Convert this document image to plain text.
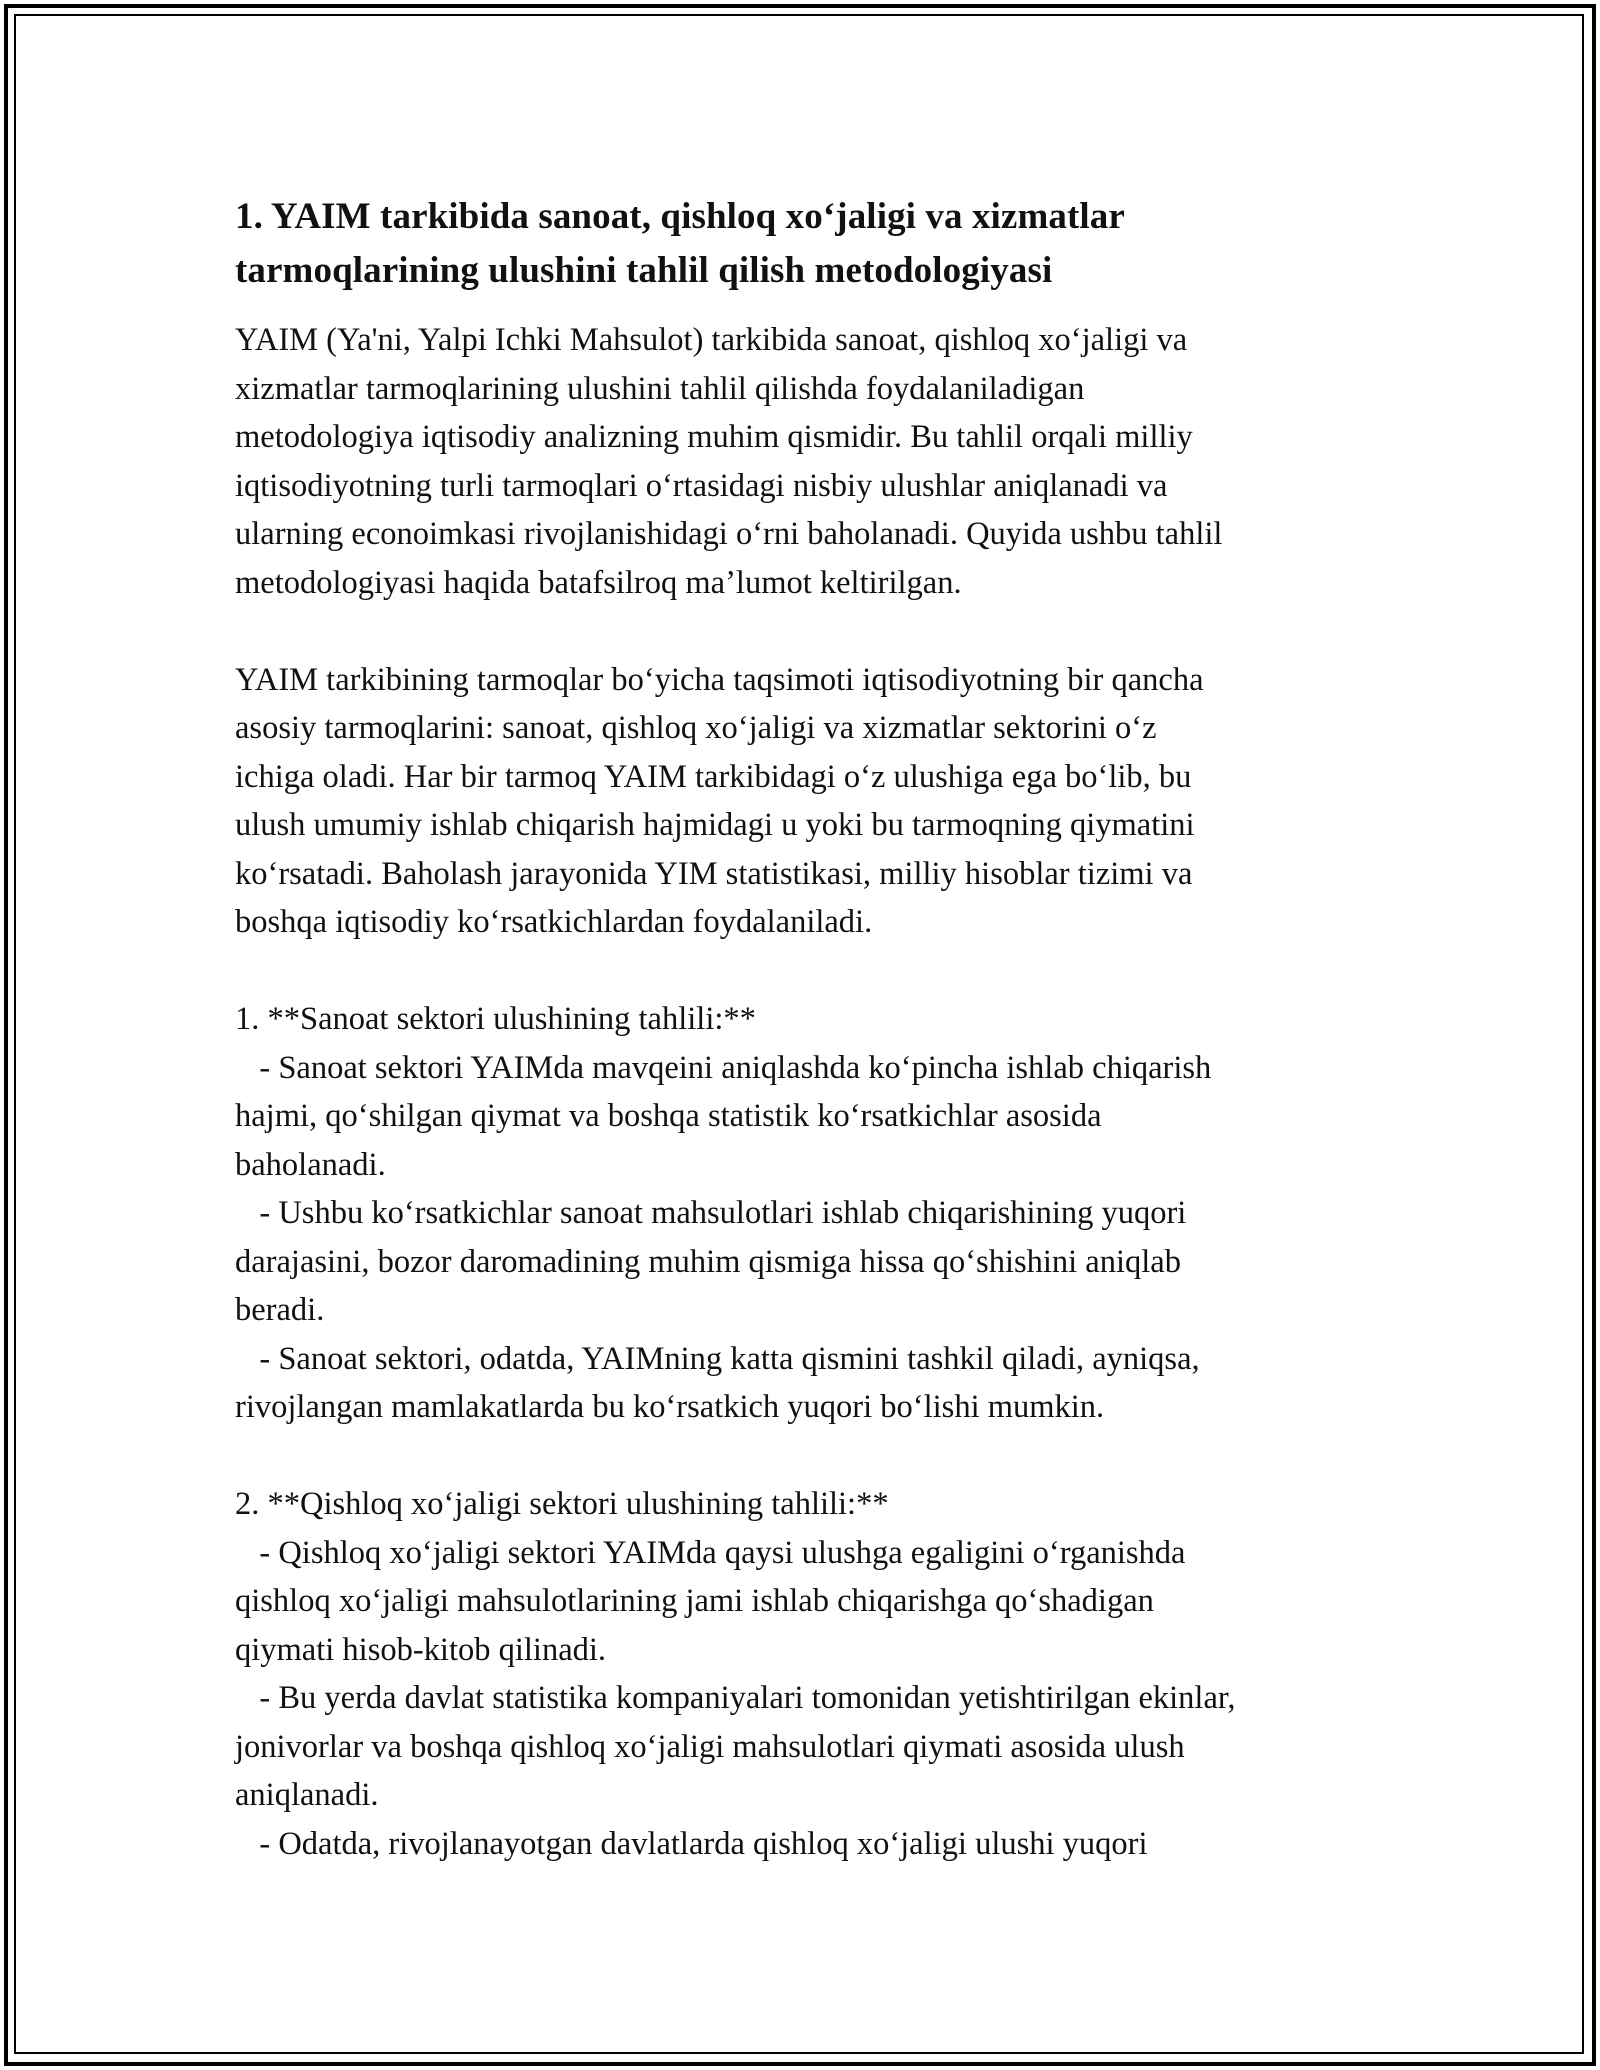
1. YAIM tarkibida sanoat, qishloq xoʻjaligi va xizmatlar
tarmoqlarining ulushini tahlil qilish metodologiyasi

YAIM (Ya'ni, Yalpi Ichki Mahsulot) tarkibida sanoat, qishloq xoʻjaligi va
xizmatlar tarmoqlarining ulushini tahlil qilishda foydalaniladigan
metodologiya iqtisodiy analizning muhim qismidir. Bu tahlil orqali milliy
iqtisodiyotning turli tarmoqlari oʻrtasidagi nisbiy ulushlar aniqlanadi va
ularning econoimkasi rivojlanishidagi oʻrni baholanadi. Quyida ushbu tahlil
metodologiyasi haqida batafsilroq maʼlumot keltirilgan.

YAIM tarkibining tarmoqlar boʻyicha taqsimoti iqtisodiyotning bir qancha
asosiy tarmoqlarini: sanoat, qishloq xoʻjaligi va xizmatlar sektorini oʻz
ichiga oladi. Har bir tarmoq YAIM tarkibidagi oʻz ulushiga ega boʻlib, bu
ulush umumiy ishlab chiqarish hajmidagi u yoki bu tarmoqning qiymatini
koʻrsatadi. Baholash jarayonida YIM statistikasi, milliy hisoblar tizimi va
boshqa iqtisodiy koʻrsatkichlardan foydalaniladi.

1. **Sanoat sektori ulushining tahlili:**
- Sanoat sektori YAIMda mavqeini aniqlashda koʻpincha ishlab chiqarish
hajmi, qoʻshilgan qiymat va boshqa statistik koʻrsatkichlar asosida
baholanadi.
- Ushbu koʻrsatkichlar sanoat mahsulotlari ishlab chiqarishining yuqori
darajasini, bozor daromadining muhim qismiga hissa qoʻshishini aniqlab
beradi.
- Sanoat sektori, odatda, YAIMning katta qismini tashkil qiladi, ayniqsa,
rivojlangan mamlakatlarda bu koʻrsatkich yuqori boʻlishi mumkin.

2. **Qishloq xoʻjaligi sektori ulushining tahlili:**
- Qishloq xoʻjaligi sektori YAIMda qaysi ulushga egaligini oʻrganishda
qishloq xoʻjaligi mahsulotlarining jami ishlab chiqarishga qoʻshadigan
qiymati hisob-kitob qilinadi.
- Bu yerda davlat statistika kompaniyalari tomonidan yetishtirilgan ekinlar,
jonivorlar va boshqa qishloq xoʻjaligi mahsulotlari qiymati asosida ulush
aniqlanadi.
- Odatda, rivojlanayotgan davlatlarda qishloq xoʻjaligi ulushi yuqori
